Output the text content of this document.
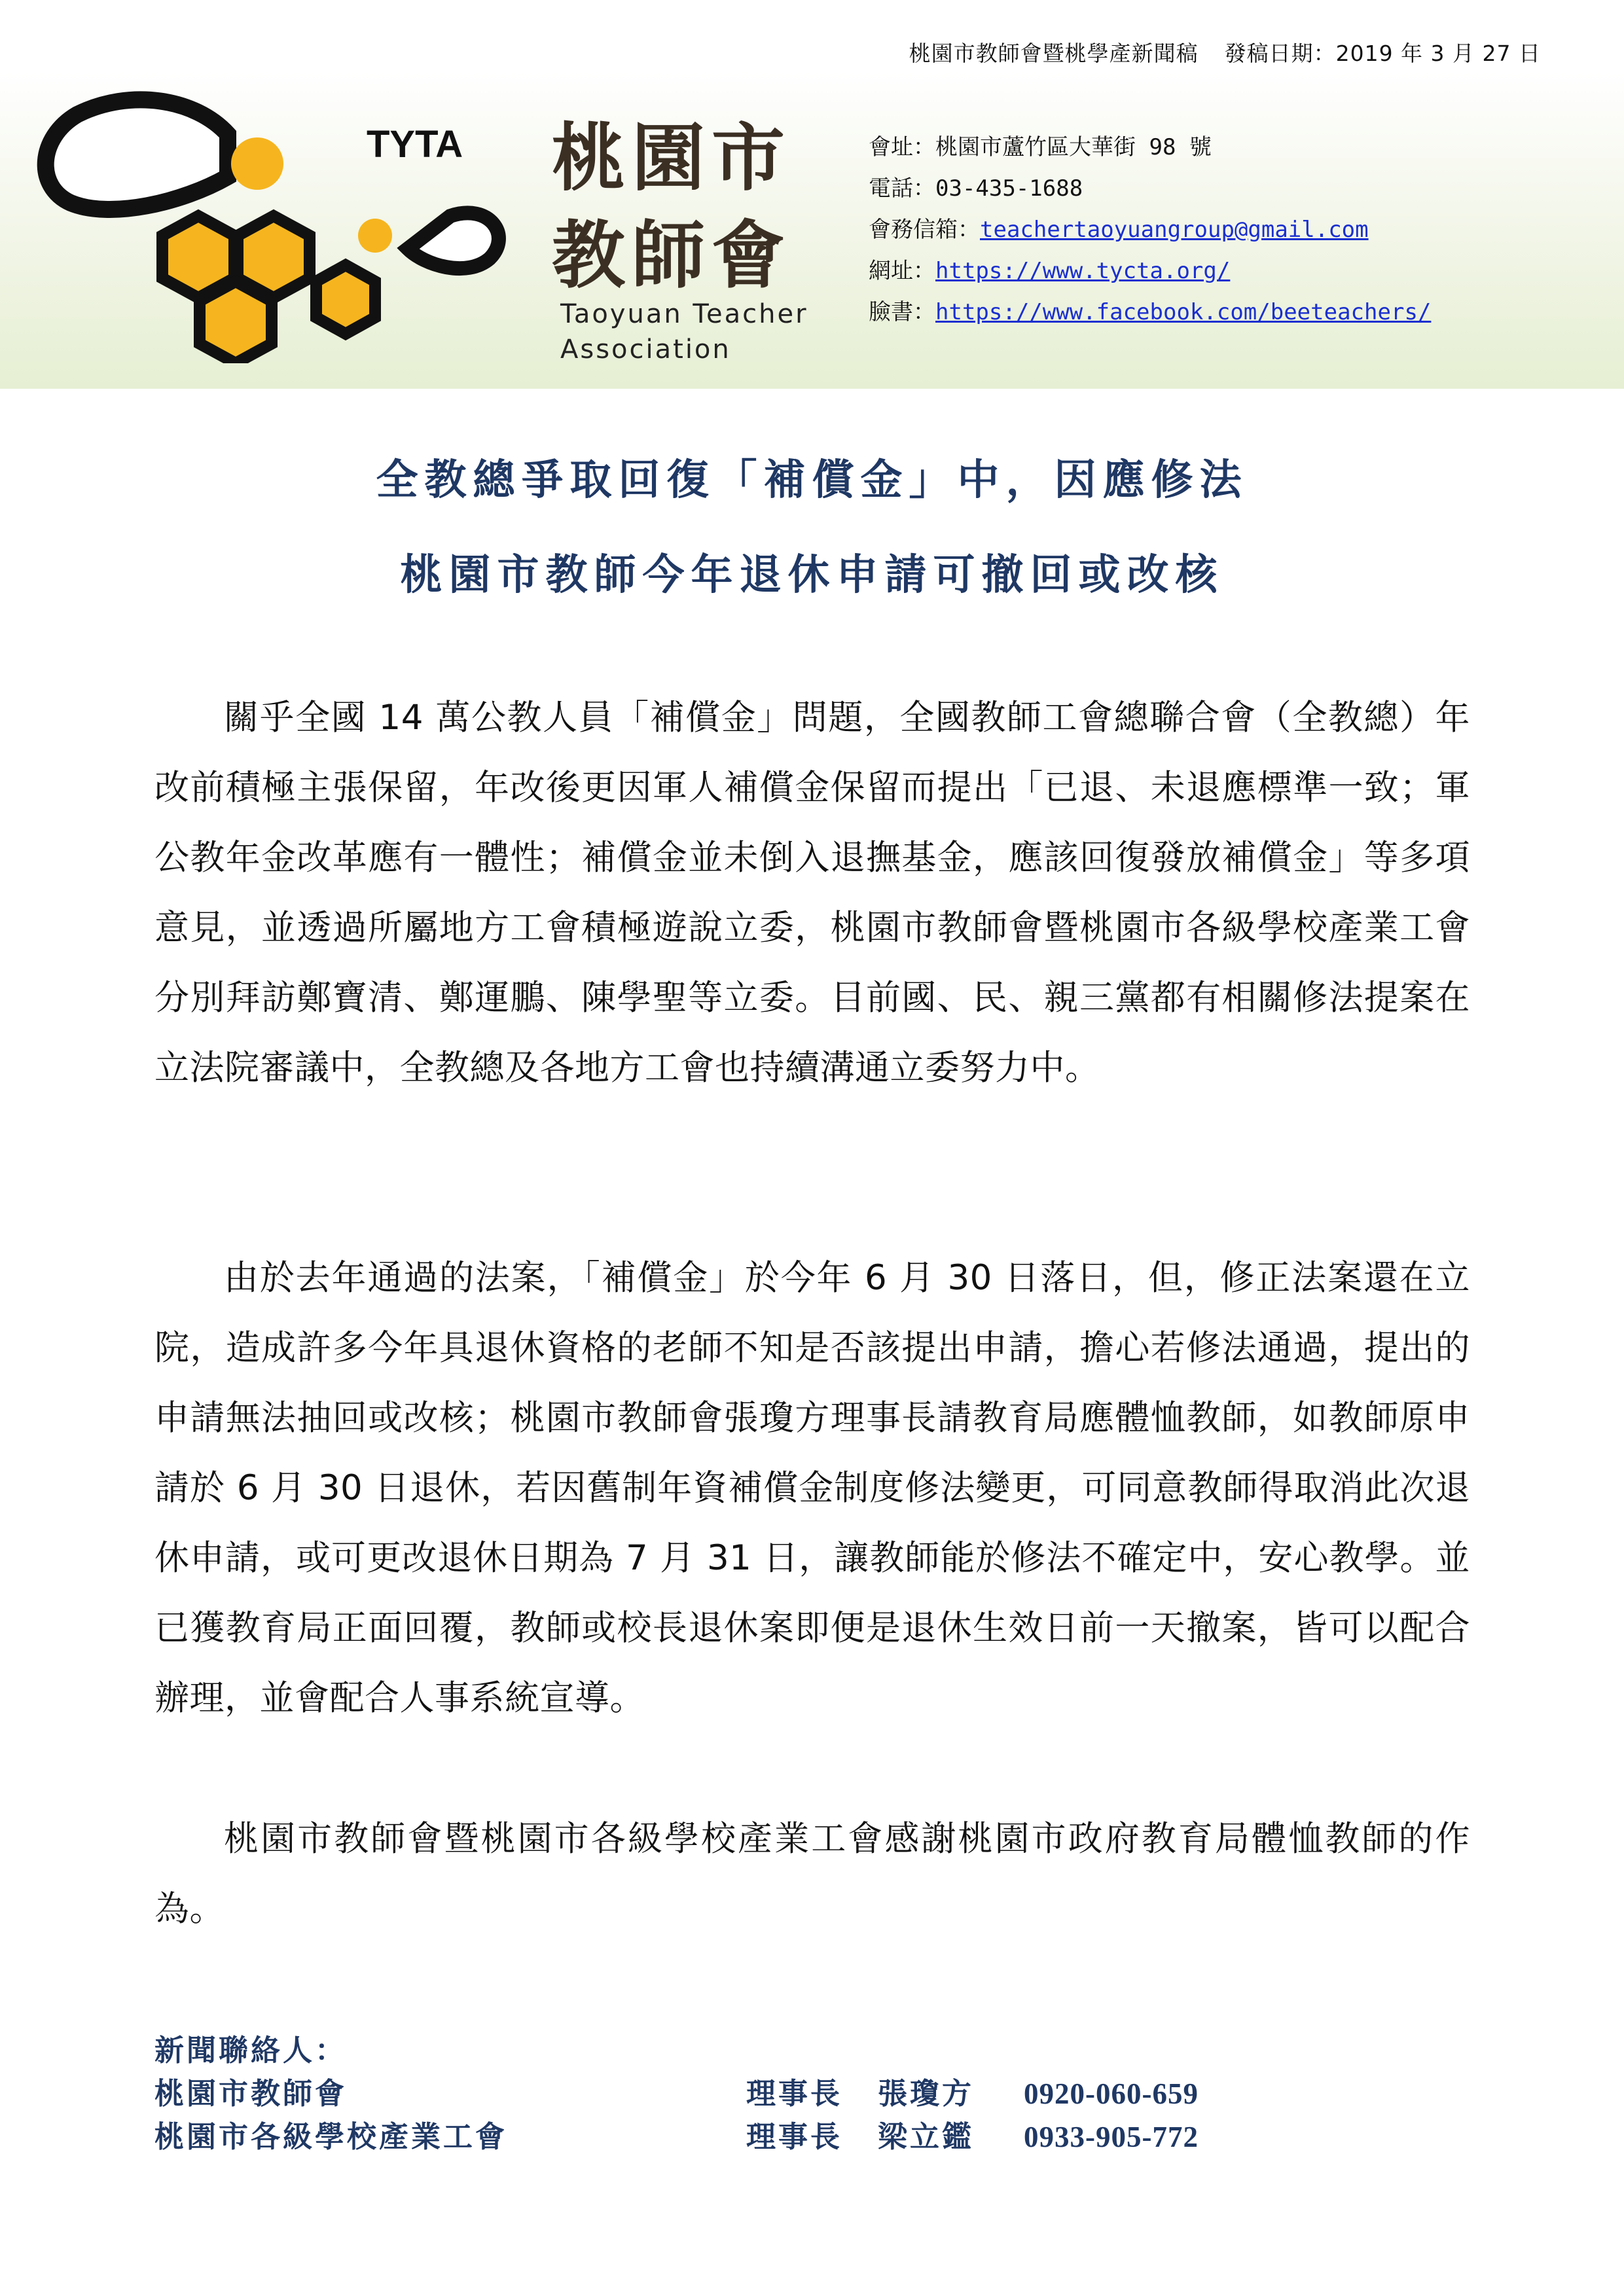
桃園市教師會暨桃學產新聞稿 發稿日期：2019 年 3 月 27 日
TYTA 桃園市
教師會
Taoyuan Teacher
Association
會址：桃園市蘆竹區大華街 98 號
電話：03-435-1688
會務信箱：teachertaoyuangroup@gmail.com
網址：https://www.tycta.org/
臉書：https://www.facebook.com/beeteachers/
全教總爭取回復「補償金」中，因應修法
桃園市教師今年退休申請可撤回或改核

關乎全國 14 萬公教人員「補償金」問題，全國教師工會總聯合會（全教總）年改前積極主張保留，年改後更因軍人補償金保留而提出「已退、未退應標準一致；軍公教年金改革應有一體性；補償金並未倒入退撫基金，應該回復發放補償金」等多項意見，並透過所屬地方工會積極遊說立委，桃園市教師會暨桃園市各級學校產業工會分別拜訪鄭寶清、鄭運鵬、陳學聖等立委。目前國、民、親三黨都有相關修法提案在立法院審議中，全教總及各地方工會也持續溝通立委努力中。

由於去年通過的法案，「補償金」於今年 6 月 30 日落日，但，修正法案還在立院，造成許多今年具退休資格的老師不知是否該提出申請，擔心若修法通過，提出的申請無法抽回或改核；桃園市教師會張瓊方理事長請教育局應體恤教師，如教師原申請於 6 月 30 日退休，若因舊制年資補償金制度修法變更，可同意教師得取消此次退休申請，或可更改退休日期為 7 月 31 日，讓教師能於修法不確定中，安心教學。並已獲教育局正面回覆，教師或校長退休案即便是退休生效日前一天撤案，皆可以配合辦理，並會配合人事系統宣導。

桃園市教師會暨桃園市各級學校產業工會感謝桃園市政府教育局體恤教師的作為。

新聞聯絡人：
桃園市教師會	理事長 張瓊方 0920-060-659
桃園市各級學校產業工會	理事長 梁立鑑 0933-905-772
